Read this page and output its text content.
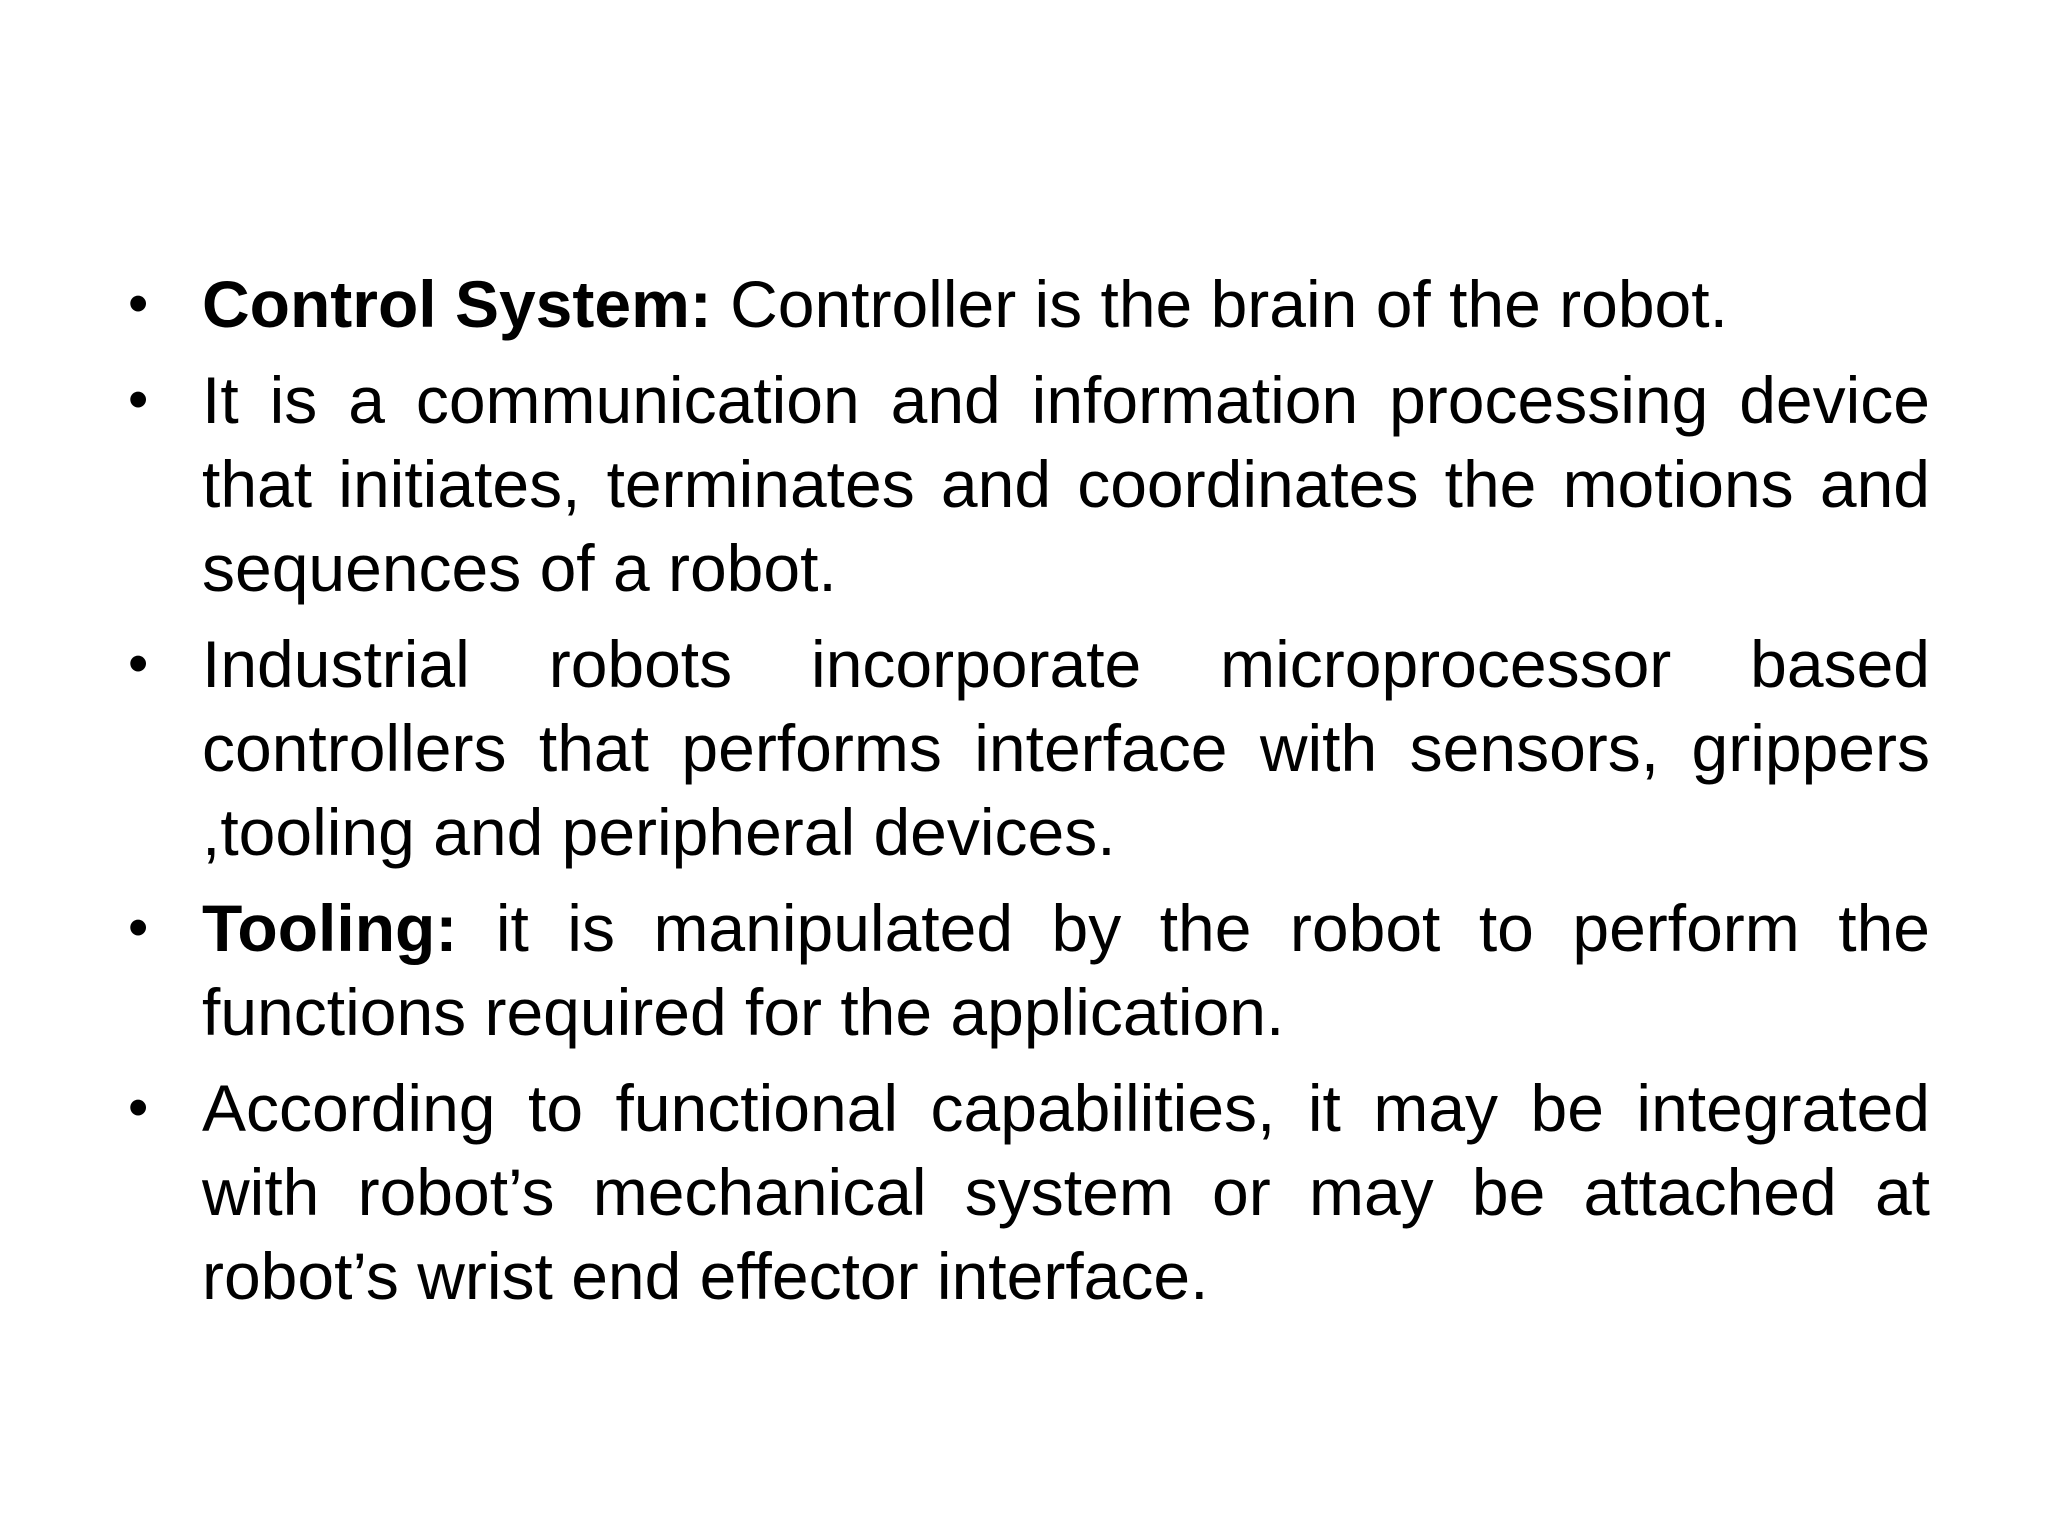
• Control System: Controller is the brain of the robot.
• It is a communication and information processing device that initiates, terminates and coordinates the motions and sequences of a robot.
• Industrial robots incorporate microprocessor based controllers that performs interface with sensors, grippers ,tooling and peripheral devices.
• Tooling: it is manipulated by the robot to perform the functions required for the application.
• According to functional capabilities, it may be integrated with robot’s mechanical system or may be attached at robot’s wrist end effector interface.
